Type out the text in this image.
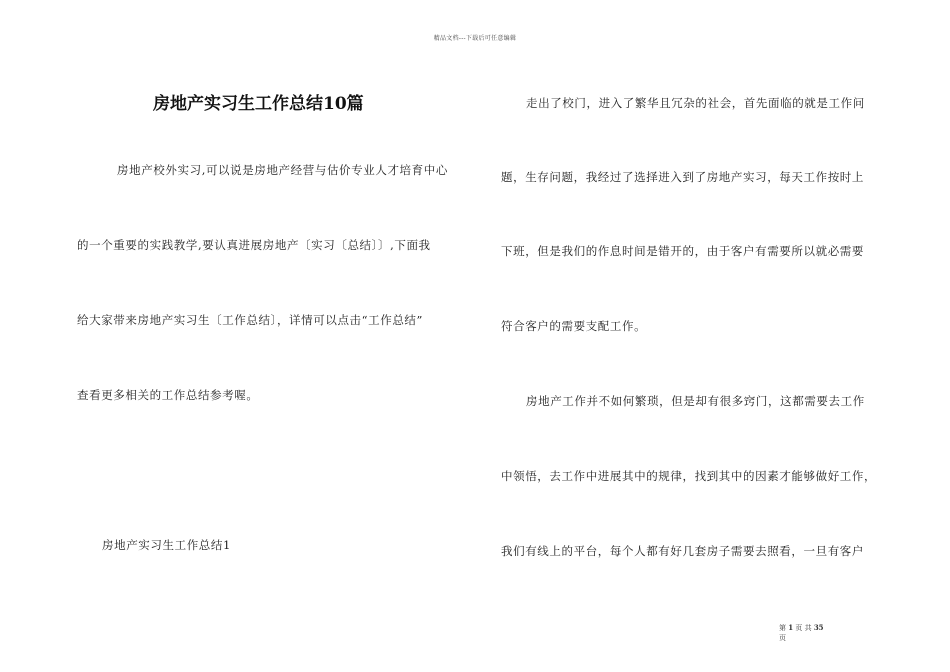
精品文档---下载后可任意编辑
房地产实习生工作总结10篇
房地产校外实习,可以说是房地产经营与估价专业人才培育中心
的一个重要的实践教学,要认真进展房地产〔实习〔总结〕〕,下面我
给大家带来房地产实习生〔工作总结〕，详情可以点击“工作总结”
查看更多相关的工作总结参考喔。
房地产实习生工作总结1
走出了校门，进入了繁华且冗杂的社会，首先面临的就是工作问
题，生存问题，我经过了选择进入到了房地产实习，每天工作按时上
下班，但是我们的作息时间是错开的，由于客户有需要所以就必需要
符合客户的需要支配工作。
房地产工作并不如何繁琐，但是却有很多窍门，这都需要去工作
中领悟，去工作中进展其中的规律，找到其中的因素才能够做好工作，
我们有线上的平台，每个人都有好几套房子需要去照看，一旦有客户
第 1 页 共 35
页
